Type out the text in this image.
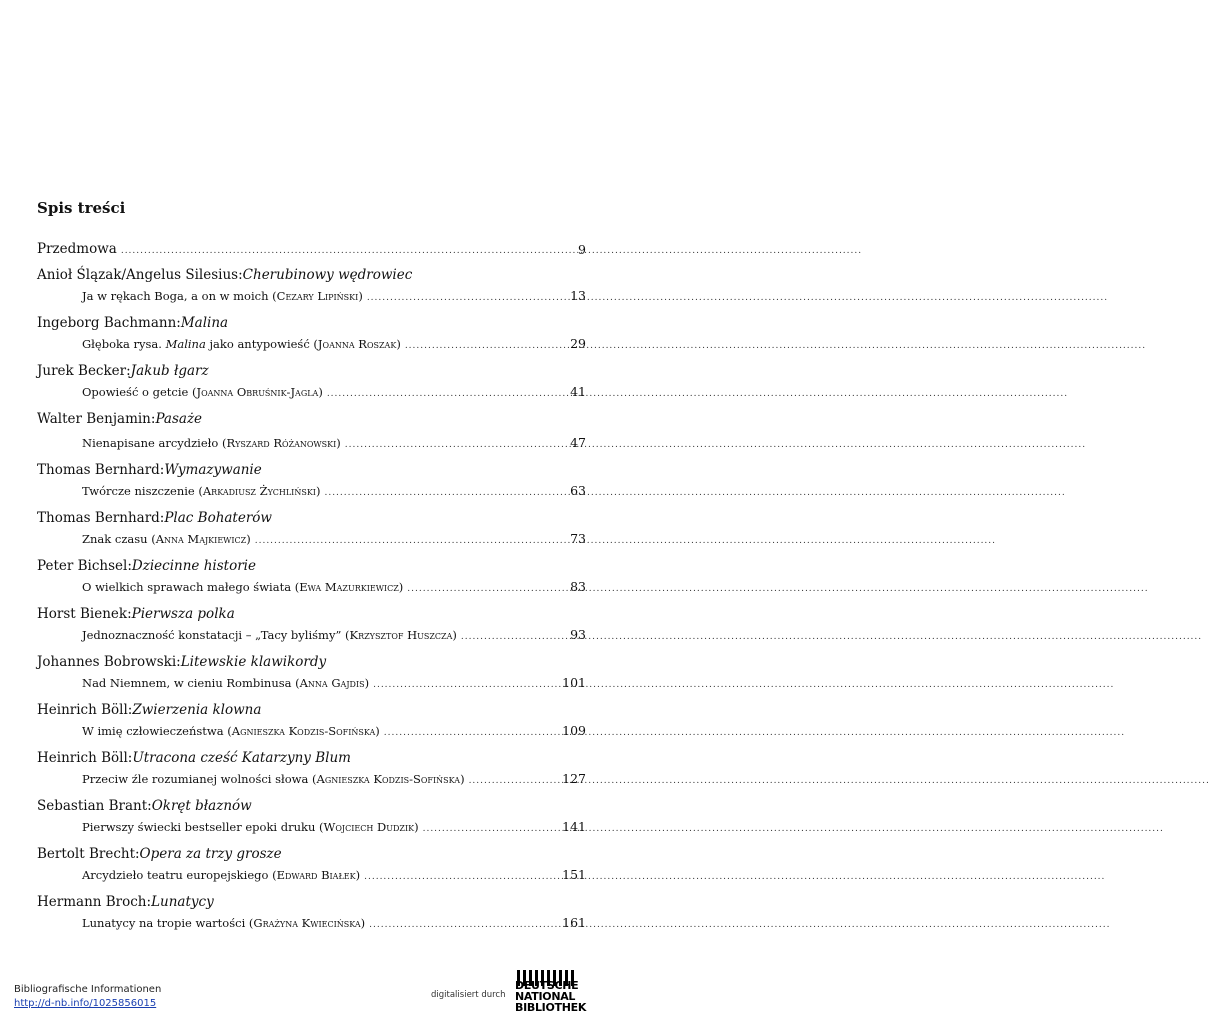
Spis treści
Przedmowa .....	9
Anioł Ślązak/Angelus Silesius: Cherubinowy wędrowiec
Ja w rękach Boga, a on w moich (Cezary Lipiński) .....	13
Ingeborg Bachmann: Malina
Głęboka rysa. Malina jako antypowieść (Joanna Roszak) .....	29
Jurek Becker: Jakub łgarz
Opowieść o getcie (Joanna Obruśnik-Jagla) .....	41
Walter Benjamin: Pasaże
Nienapisane arcydzieło (Ryszard Różanowski) .....	47
Thomas Bernhard: Wymazywanie
Twórcze niszczenie (Arkadiusz Żychliński) .....	63
Thomas Bernhard: Plac Bohaterów
Znak czasu (Anna Majkiewicz) .....	73
Peter Bichsel: Dziecinne historie
O wielkich sprawach małego świata (Ewa Mazurkiewicz) .....	83
Horst Bienek: Pierwsza polka
Jednoznaczność konstatacji – „Tacy byliśmy” (Krzysztof Huszcza) .....	93
Johannes Bobrowski: Litewskie klawikordy
Nad Niemnem, w cieniu Rombinusa (Anna Gajdis) .....	101
Heinrich Böll: Zwierzenia klowna
W imię człowieczeństwa (Agnieszka Kodzis-Sofińska) .....	109
Heinrich Böll: Utracona cześć Katarzyny Blum
Przeciw źle rozumianej wolności słowa (Agnieszka Kodzis-Sofińska) .....	127
Sebastian Brant: Okręt błaznów
Pierwszy świecki bestseller epoki druku (Wojciech Dudzik) .....	141
Bertolt Brecht: Opera za trzy grosze
Arcydzieło teatru europejskiego (Edward Białek) .....	151
Hermann Broch: Lunatycy
Lunatycy na tropie wartości (Grażyna Kwiecińska) .....	161
Bibliografische Informationen
http://d-nb.info/1025856015
digitalisiert durch
DEUTSCHE
NATIONAL
BIBLIOTHEK
